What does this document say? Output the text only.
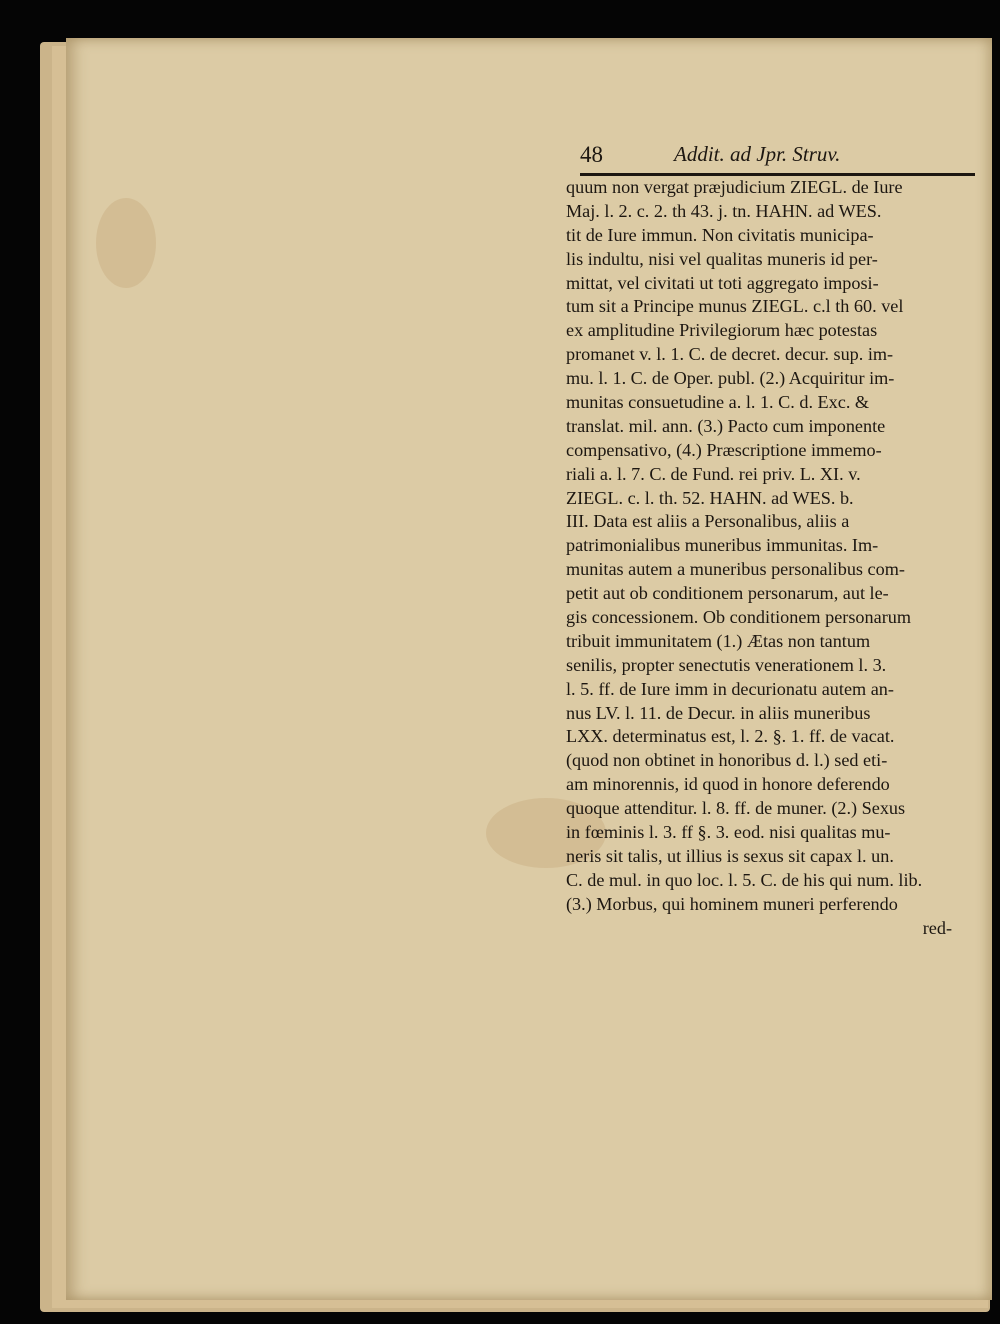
48	Addit. ad Jpr. Struv.
quum non vergat præjudicium ZIEGL. de Iure
Maj. l. 2. c. 2. th 43. j. tn. HAHN. ad WES.
tit de Iure immun. Non civitatis municipa-
lis indultu, nisi vel qualitas muneris id per-
mittat, vel civitati ut toti aggregato imposi-
tum sit a Principe munus ZIEGL. c.l th 60. vel
ex amplitudine Privilegiorum hæc potestas
promanet v. l. 1. C. de decret. decur. sup. im-
mu. l. 1. C. de Oper. publ. (2.) Acquiritur im-
munitas consuetudine a. l. 1. C. d. Exc. &
translat. mil. ann. (3.) Pacto cum imponente
compensativo, (4.) Præscriptione immemo-
riali a. l. 7. C. de Fund. rei priv. L. XI. v.
ZIEGL. c. l. th. 52. HAHN. ad WES. b.
III. Data est aliis a Personalibus, aliis a
patrimonialibus muneribus immunitas. Im-
munitas autem a muneribus personalibus com-
petit aut ob conditionem personarum, aut le-
gis concessionem. Ob conditionem personarum
tribuit immunitatem (1.) Ætas non tantum
senilis, propter senectutis venerationem l. 3.
l. 5. ff. de Iure imm in decurionatu autem an-
nus LV. l. 11. de Decur. in aliis muneribus
LXX. determinatus est, l. 2. §. 1. ff. de vacat.
(quod non obtinet in honoribus d. l.) sed eti-
am minorennis, id quod in honore deferendo
quoque attenditur. l. 8. ff. de muner. (2.) Sexus
in fœminis l. 3. ff §. 3. eod. nisi qualitas mu-
neris sit talis, ut illius is sexus sit capax l. un.
C. de mul. in quo loc. l. 5. C. de his qui num. lib.
(3.) Morbus, qui hominem muneri perferendo
red-
